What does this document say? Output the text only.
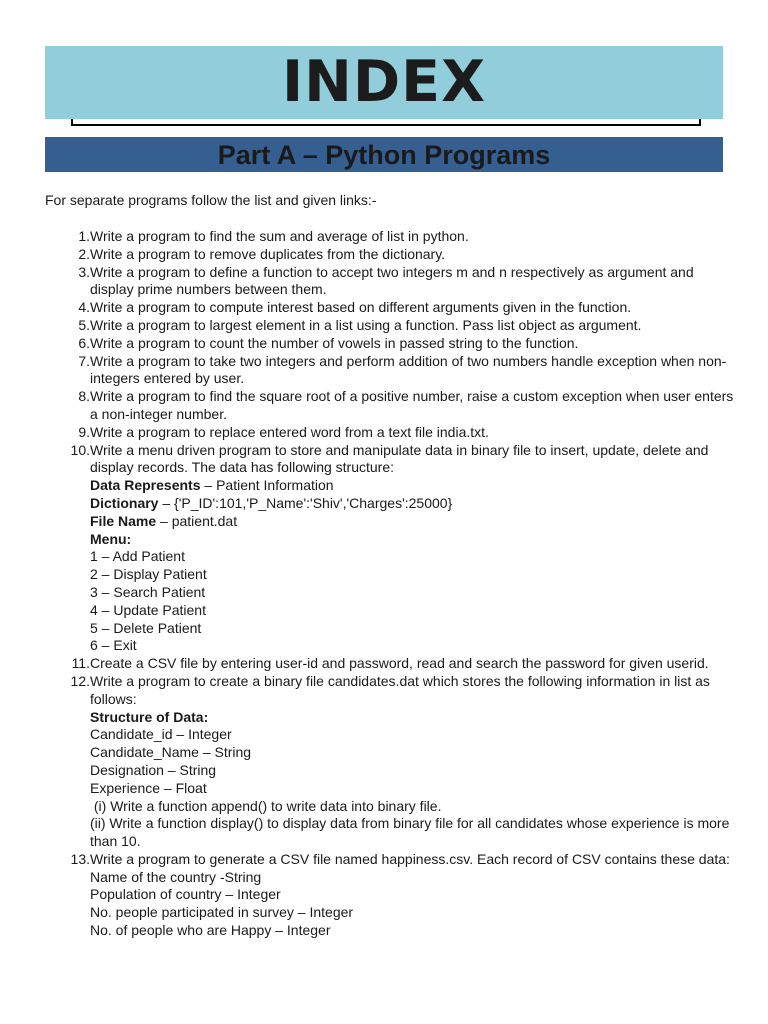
INDEX
Part A – Python Programs
For separate programs follow the list and given links:-
1. Write a program to find the sum and average of list in python.
2. Write a program to remove duplicates from the dictionary.
3. Write a program to define a function to accept two integers m and n respectively as argument and display prime numbers between them.
4. Write a program to compute interest based on different arguments given in the function.
5. Write a program to largest element in a list using a function. Pass list object as argument.
6. Write a program to count the number of vowels in passed string to the function.
7. Write a program to take two integers and perform addition of two numbers handle exception when non-integers entered by user.
8. Write a program to find the square root of a positive number, raise a custom exception when user enters a non-integer number.
9. Write a program to replace entered word from a text file india.txt.
10. Write a menu driven program to store and manipulate data in binary file to insert, update, delete and display records. The data has following structure:
Data Represents – Patient Information
Dictionary – {'P_ID':101,'P_Name':'Shiv','Charges':25000}
File Name – patient.dat
Menu:
1 – Add Patient
2 – Display Patient
3 – Search Patient
4 – Update Patient
5 – Delete Patient
6 – Exit
11. Create a CSV file by entering user-id and password, read and search the password for given userid.
12. Write a program to create a binary file candidates.dat which stores the following information in list as follows:
Structure of Data:
Candidate_id – Integer
Candidate_Name – String
Designation – String
Experience – Float
(i) Write a function append() to write data into binary file.
(ii) Write a function display() to display data from binary file for all candidates whose experience is more than 10.
13. Write a program to generate a CSV file named happiness.csv. Each record of CSV contains these data:
Name of the country -String
Population of country – Integer
No. people participated in survey – Integer
No. of people who are Happy – Integer
